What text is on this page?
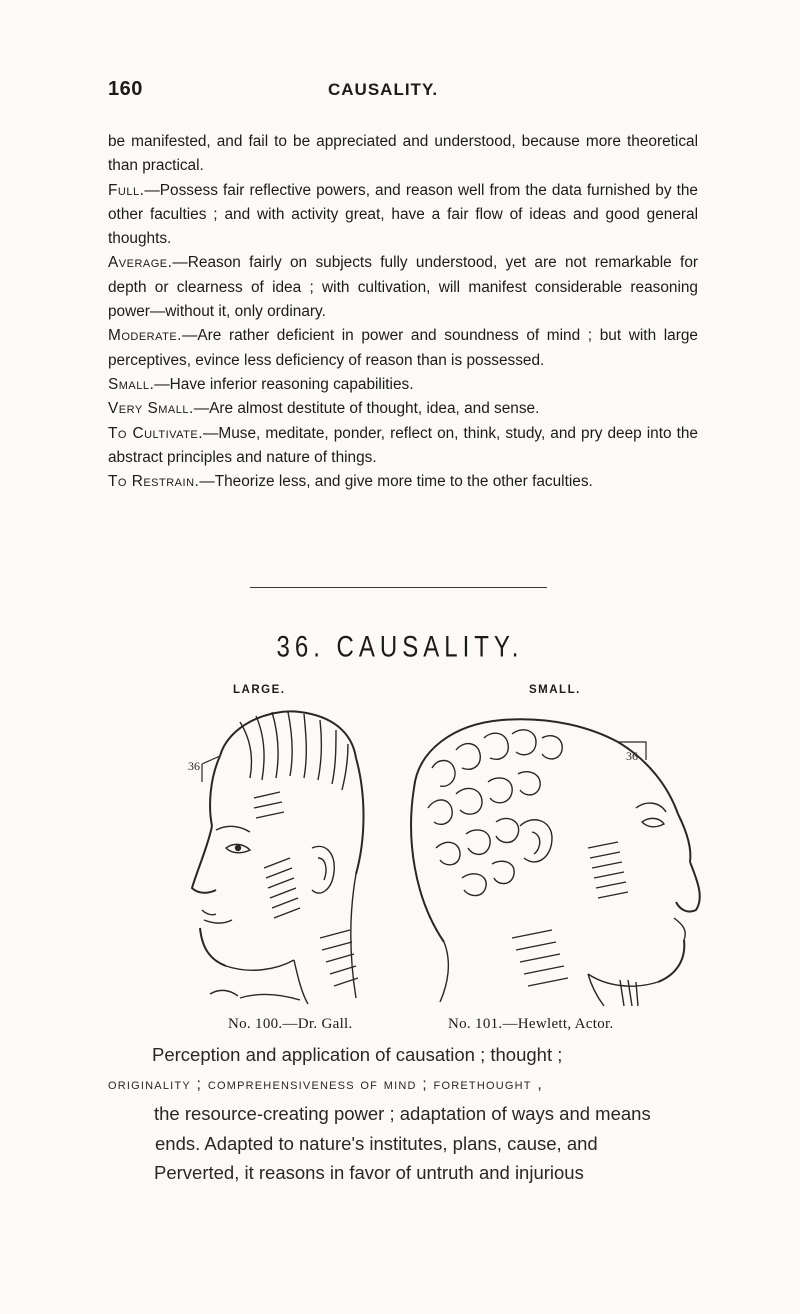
160	CAUSALITY.

be manifested, and fail to be appreciated and understood, because more theoretical than practical.

Full.—Possess fair reflective powers, and reason well from the data furnished by the other faculties ; and with activity great, have a fair flow of ideas and good general thoughts.

Average.—Reason fairly on subjects fully understood, yet are not remarkable for depth or clearness of idea ; with cultivation, will manifest considerable reasoning power—without it, only ordinary.

Moderate.—Are rather deficient in power and soundness of mind ; but with large perceptives, evince less deficiency of reason than is possessed.

Small.—Have inferior reasoning capabilities.

Very Small.—Are almost destitute of thought, idea, and sense.

To Cultivate.—Muse, meditate, ponder, reflect on, think, study, and pry deep into the abstract principles and nature of things.

To Restrain.—Theorize less, and give more time to the other faculties.

36. CAUSALITY.
LARGE.	SMALL.
36
36
No. 100.—Dr. Gall.	No. 101.—Hewlett, Actor.

Perception and application of causation ; thought ;

originality ; comprehensiveness of mind ; forethought ,

the resource-creating power ; adaptation of ways and means

ends. Adapted to nature's institutes, plans, cause, and

Perverted, it reasons in favor of untruth and injurious
